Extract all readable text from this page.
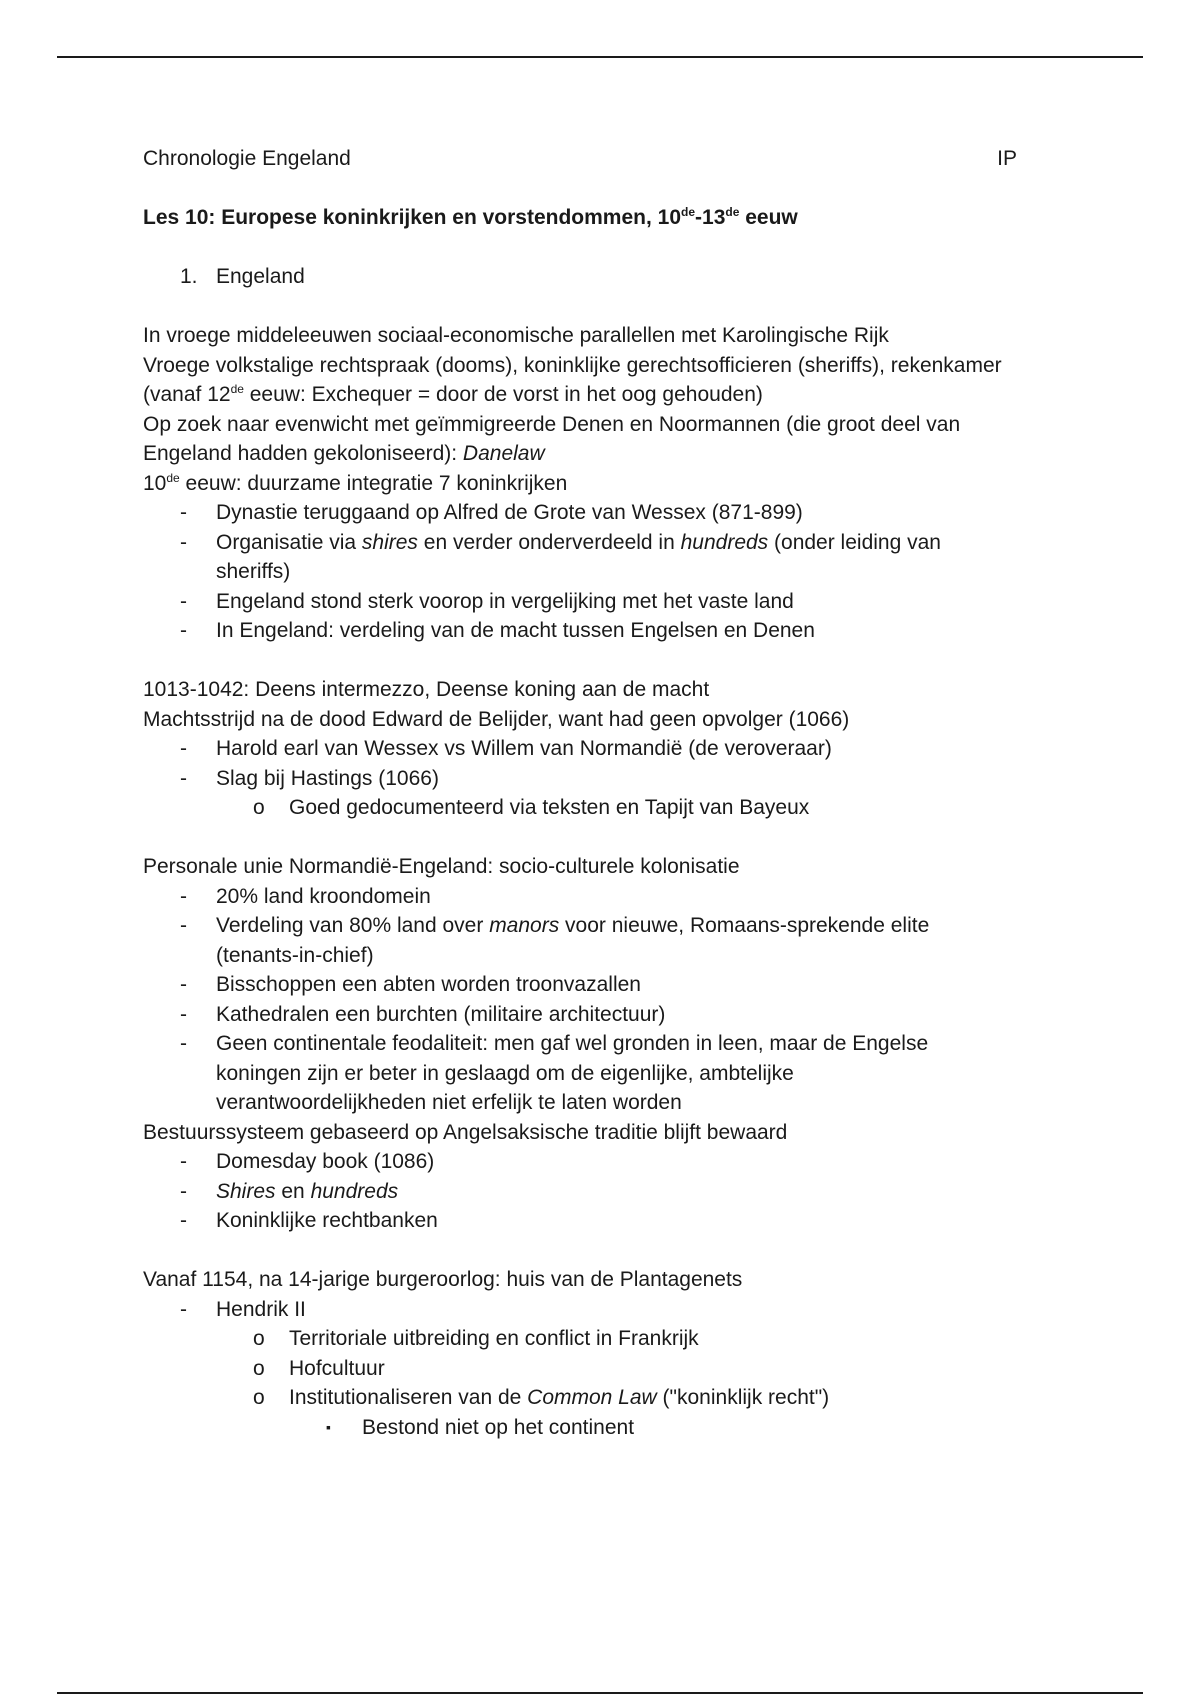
Chronologie Engeland	IP
Les 10: Europese koninkrijken en vorstendommen, 10de-13de eeuw
1. Engeland
In vroege middeleeuwen sociaal-economische parallellen met Karolingische Rijk
Vroege volkstalige rechtspraak (dooms), koninklijke gerechtsofficieren (sheriffs), rekenkamer
(vanaf 12de eeuw: Exchequer = door de vorst in het oog gehouden)
Op zoek naar evenwicht met geïmmigreerde Denen en Noormannen (die groot deel van
Engeland hadden gekoloniseerd): Danelaw
10de eeuw: duurzame integratie 7 koninkrijken
-	Dynastie teruggaand op Alfred de Grote van Wessex (871-899)
-	Organisatie via shires en verder onderverdeeld in hundreds (onder leiding van sheriffs)
-	Engeland stond sterk voorop in vergelijking met het vaste land
-	In Engeland: verdeling van de macht tussen Engelsen en Denen
1013-1042: Deens intermezzo, Deense koning aan de macht
Machtsstrijd na de dood Edward de Belijder, want had geen opvolger (1066)
-	Harold earl van Wessex vs Willem van Normandië (de veroveraar)
-	Slag bij Hastings (1066)
o	Goed gedocumenteerd via teksten en Tapijt van Bayeux
Personale unie Normandië-Engeland: socio-culturele kolonisatie
-	20% land kroondomein
-	Verdeling van 80% land over manors voor nieuwe, Romaans-sprekende elite (tenants-in-chief)
-	Bisschoppen een abten worden troonvazallen
-	Kathedralen een burchten (militaire architectuur)
-	Geen continentale feodaliteit: men gaf wel gronden in leen, maar de Engelse koningen zijn er beter in geslaagd om de eigenlijke, ambtelijke verantwoordelijkheden niet erfelijk te laten worden
Bestuurssysteem gebaseerd op Angelsaksische traditie blijft bewaard
-	Domesday book (1086)
-	Shires en hundreds
-	Koninklijke rechtbanken
Vanaf 1154, na 14-jarige burgeroorlog: huis van de Plantagenets
-	Hendrik II
o	Territoriale uitbreiding en conflict in Frankrijk
o	Hofcultuur
o	Institutionaliseren van de Common Law ("koninklijk recht")
▪	Bestond niet op het continent
